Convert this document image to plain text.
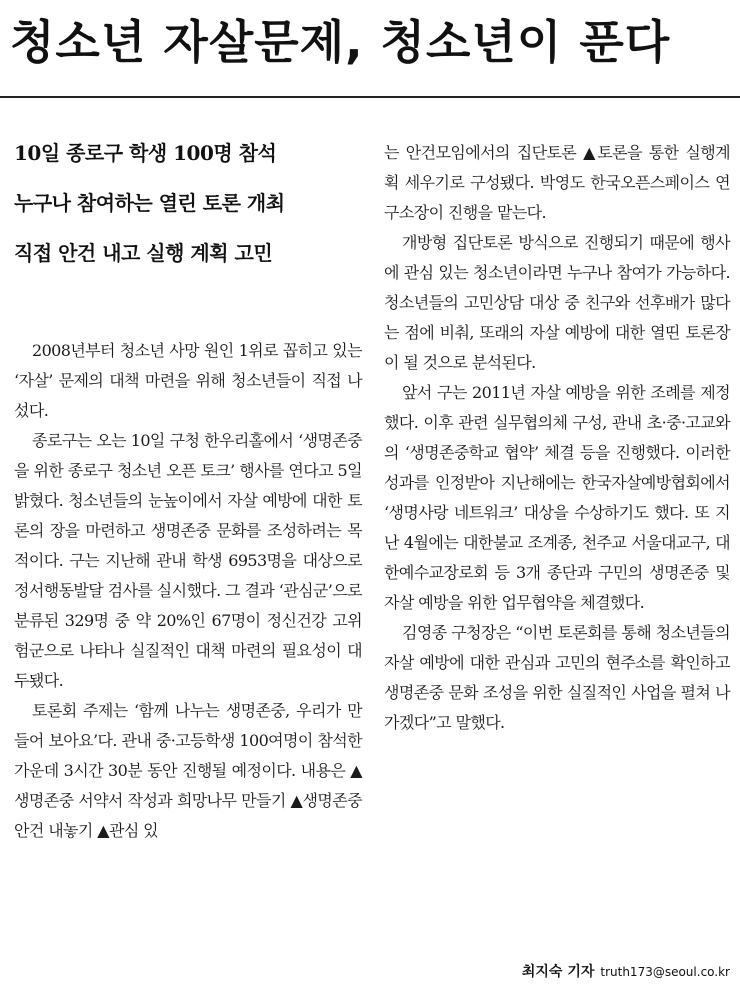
청소년 자살문제, 청소년이 푼다
10일 종로구 학생 100명 참석
누구나 참여하는 열린 토론 개최
직접 안건 내고 실행 계획 고민

2008년부터 청소년 사망 원인 1위로 꼽히고 있는 ‘자살’ 문제의 대책 마련을 위해 청소년들이 직접 나섰다.

종로구는 오는 10일 구청 한우리홀에서 ‘생명존중을 위한 종로구 청소년 오픈 토크’ 행사를 연다고 5일 밝혔다. 청소년들의 눈높이에서 자살 예방에 대한 토론의 장을 마련하고 생명존중 문화를 조성하려는 목적이다. 구는 지난해 관내 학생 6953명을 대상으로 정서행동발달 검사를 실시했다. 그 결과 ‘관심군’으로 분류된 329명 중 약 20%인 67명이 정신건강 고위험군으로 나타나 실질적인 대책 마련의 필요성이 대두됐다.

토론회 주제는 ‘함께 나누는 생명존중, 우리가 만들어 보아요’다. 관내 중·고등학생 100여명이 참석한 가운데 3시간 30분 동안 진행될 예정이다. 내용은 ▲생명존중 서약서 작성과 희망나무 만들기 ▲생명존중 안건 내놓기 ▲관심 있

는 안건모임에서의 집단토론 ▲토론을 통한 실행계획 세우기로 구성됐다. 박영도 한국오픈스페이스 연구소장이 진행을 맡는다.

개방형 집단토론 방식으로 진행되기 때문에 행사에 관심 있는 청소년이라면 누구나 참여가 가능하다. 청소년들의 고민상담 대상 중 친구와 선후배가 많다는 점에 비춰, 또래의 자살 예방에 대한 열띤 토론장이 될 것으로 분석된다.

앞서 구는 2011년 자살 예방을 위한 조례를 제정했다. 이후 관련 실무협의체 구성, 관내 초·중·고교와의 ‘생명존중학교 협약’ 체결 등을 진행했다. 이러한 성과를 인정받아 지난해에는 한국자살예방협회에서 ‘생명사랑 네트워크’ 대상을 수상하기도 했다. 또 지난 4월에는 대한불교 조계종, 천주교 서울대교구, 대한예수교장로회 등 3개 종단과 구민의 생명존중 및 자살 예방을 위한 업무협약을 체결했다.

김영종 구청장은 “이번 토론회를 통해 청소년들의 자살 예방에 대한 관심과 고민의 현주소를 확인하고 생명존중 문화 조성을 위한 실질적인 사업을 펼쳐 나가겠다”고 말했다.

최지숙 기자 truth173@seoul.co.kr
